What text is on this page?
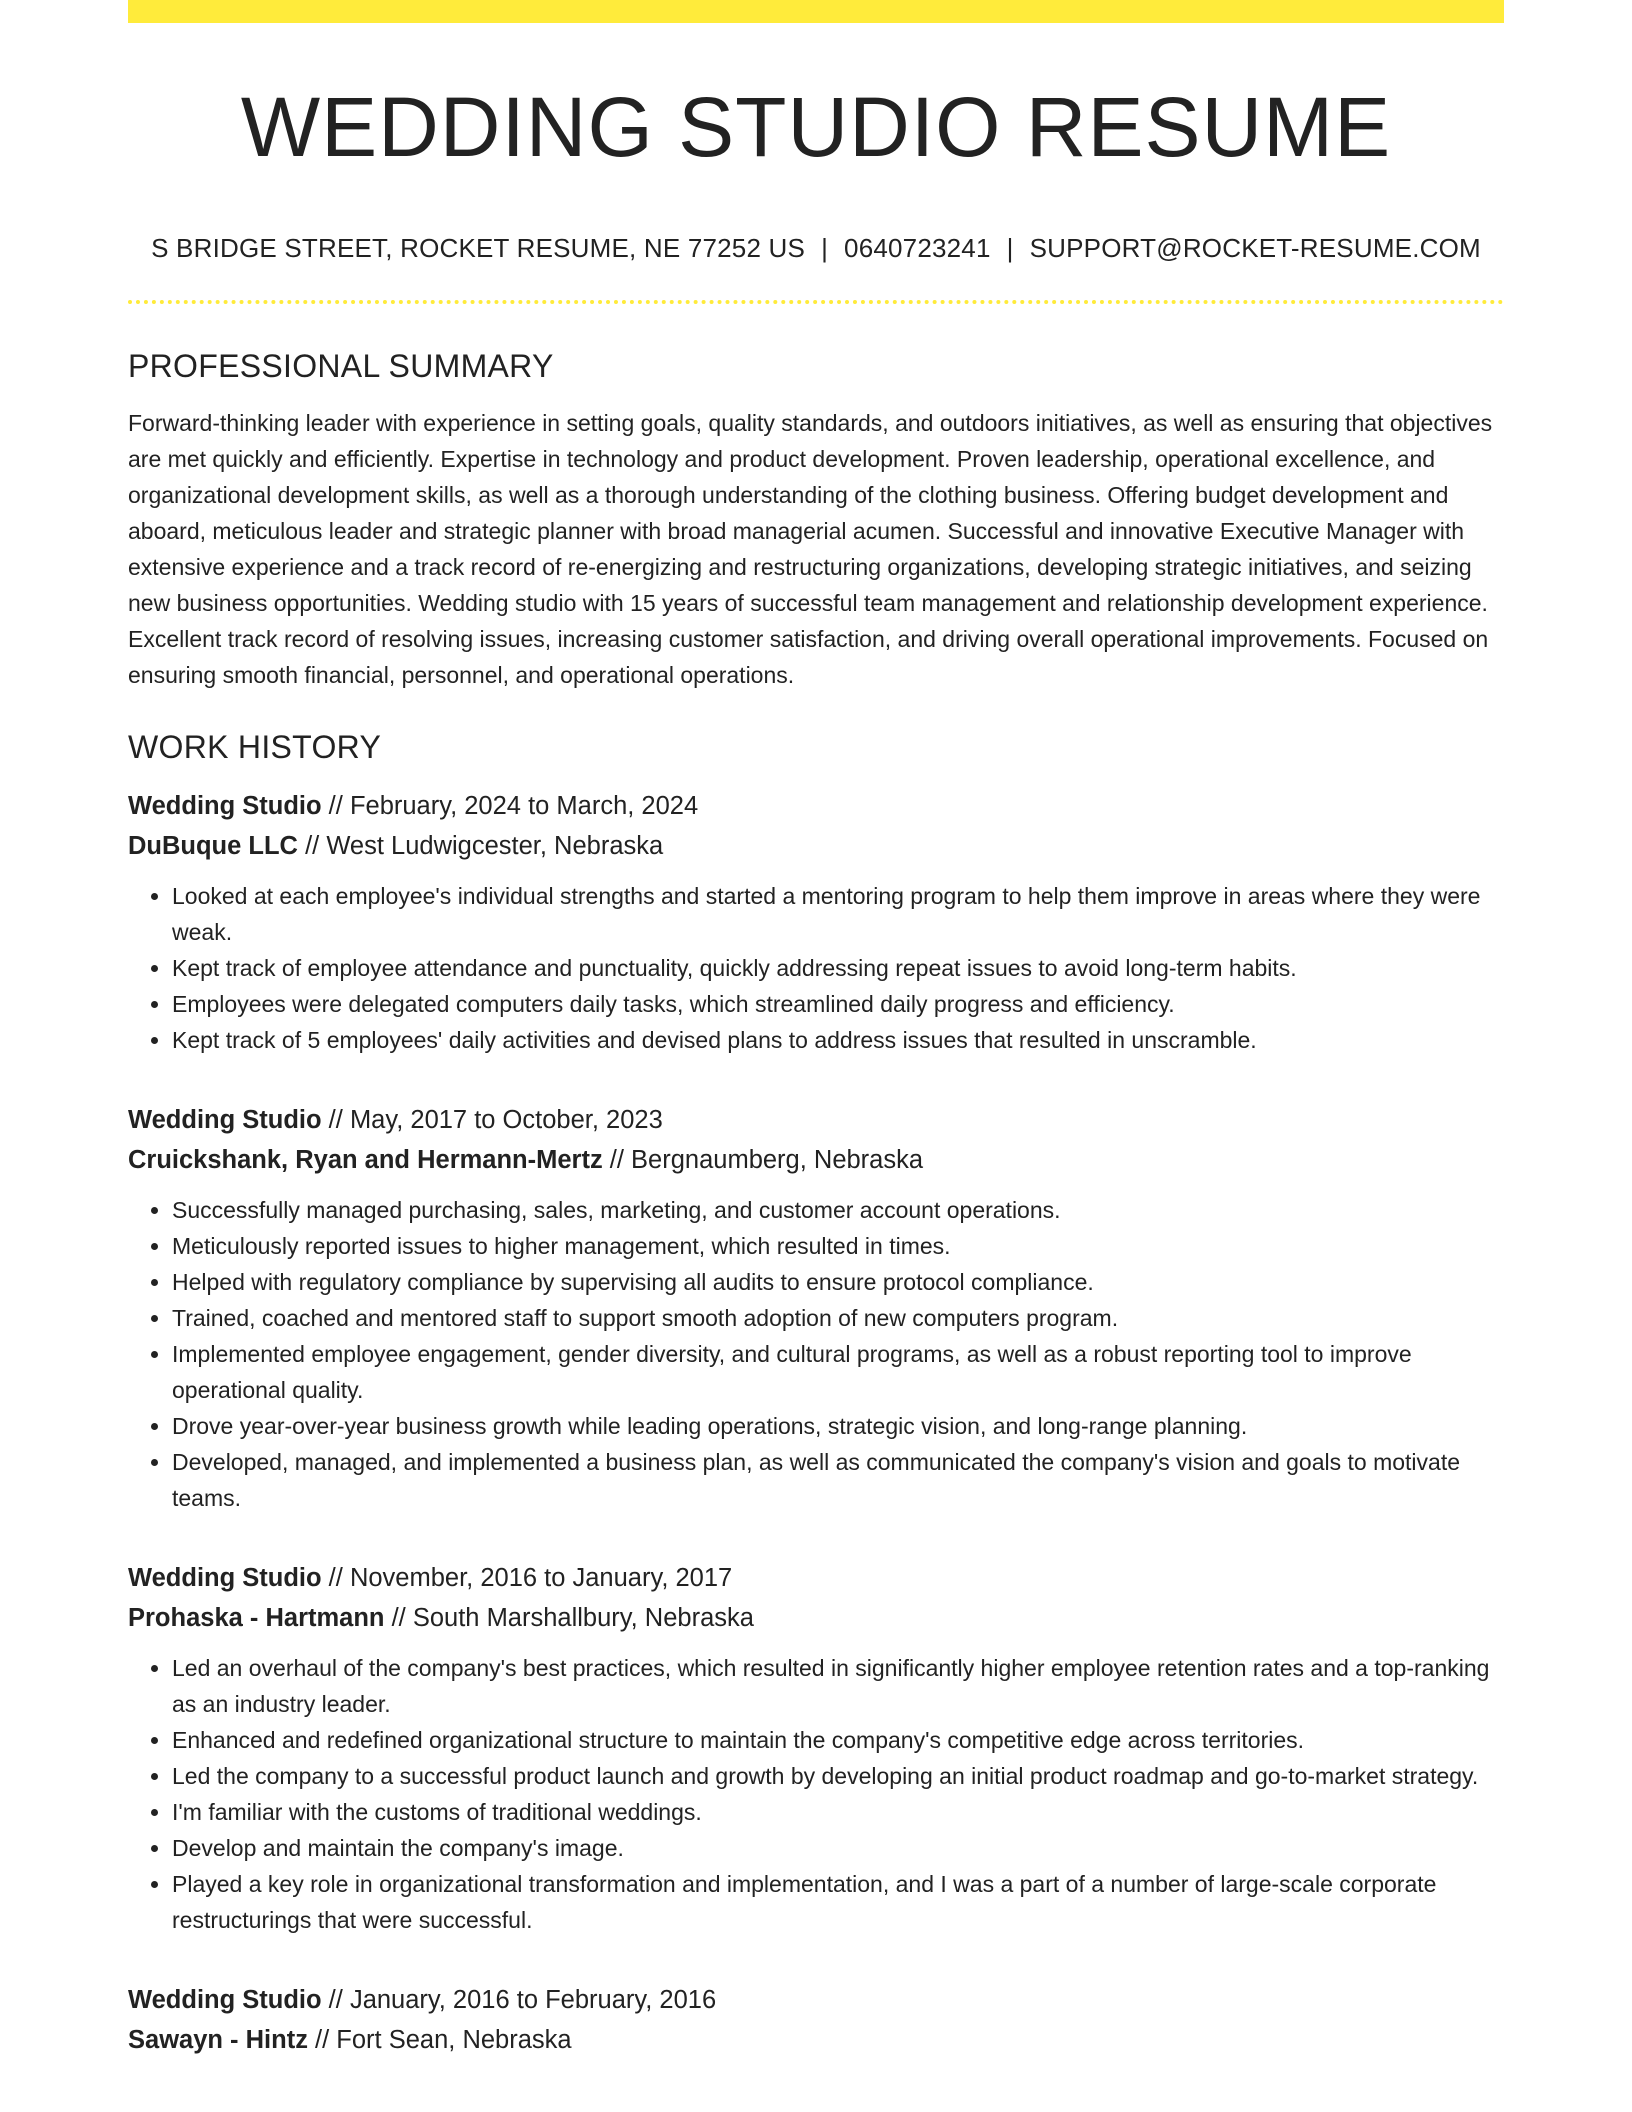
WEDDING STUDIO RESUME
S BRIDGE STREET, ROCKET RESUME, NE 77252 US | 0640723241 | SUPPORT@ROCKET-RESUME.COM
PROFESSIONAL SUMMARY

Forward-thinking leader with experience in setting goals, quality standards, and outdoors initiatives, as well as ensuring that objectives are met quickly and efficiently. Expertise in technology and product development. Proven leadership, operational excellence, and organizational development skills, as well as a thorough understanding of the clothing business. Offering budget development and aboard, meticulous leader and strategic planner with broad managerial acumen. Successful and innovative Executive Manager with extensive experience and a track record of re-energizing and restructuring organizations, developing strategic initiatives, and seizing new business opportunities. Wedding studio with 15 years of successful team management and relationship development experience. Excellent track record of resolving issues, increasing customer satisfaction, and driving overall operational improvements. Focused on ensuring smooth financial, personnel, and operational operations.

WORK HISTORY
Wedding Studio // February, 2024 to March, 2024
DuBuque LLC // West Ludwigcester, Nebraska
• Looked at each employee's individual strengths and started a mentoring program to help them improve in areas where they were weak.
• Kept track of employee attendance and punctuality, quickly addressing repeat issues to avoid long-term habits.
• Employees were delegated computers daily tasks, which streamlined daily progress and efficiency.
• Kept track of 5 employees' daily activities and devised plans to address issues that resulted in unscramble.
Wedding Studio // May, 2017 to October, 2023
Cruickshank, Ryan and Hermann-Mertz // Bergnaumberg, Nebraska
• Successfully managed purchasing, sales, marketing, and customer account operations.
• Meticulously reported issues to higher management, which resulted in times.
• Helped with regulatory compliance by supervising all audits to ensure protocol compliance.
• Trained, coached and mentored staff to support smooth adoption of new computers program.
• Implemented employee engagement, gender diversity, and cultural programs, as well as a robust reporting tool to improve operational quality.
• Drove year-over-year business growth while leading operations, strategic vision, and long-range planning.
• Developed, managed, and implemented a business plan, as well as communicated the company's vision and goals to motivate teams.
Wedding Studio // November, 2016 to January, 2017
Prohaska - Hartmann // South Marshallbury, Nebraska
• Led an overhaul of the company's best practices, which resulted in significantly higher employee retention rates and a top-ranking as an industry leader.
• Enhanced and redefined organizational structure to maintain the company's competitive edge across territories.
• Led the company to a successful product launch and growth by developing an initial product roadmap and go-to-market strategy.
• I'm familiar with the customs of traditional weddings.
• Develop and maintain the company's image.
• Played a key role in organizational transformation and implementation, and I was a part of a number of large-scale corporate restructurings that were successful.
Wedding Studio // January, 2016 to February, 2016
Sawayn - Hintz // Fort Sean, Nebraska
